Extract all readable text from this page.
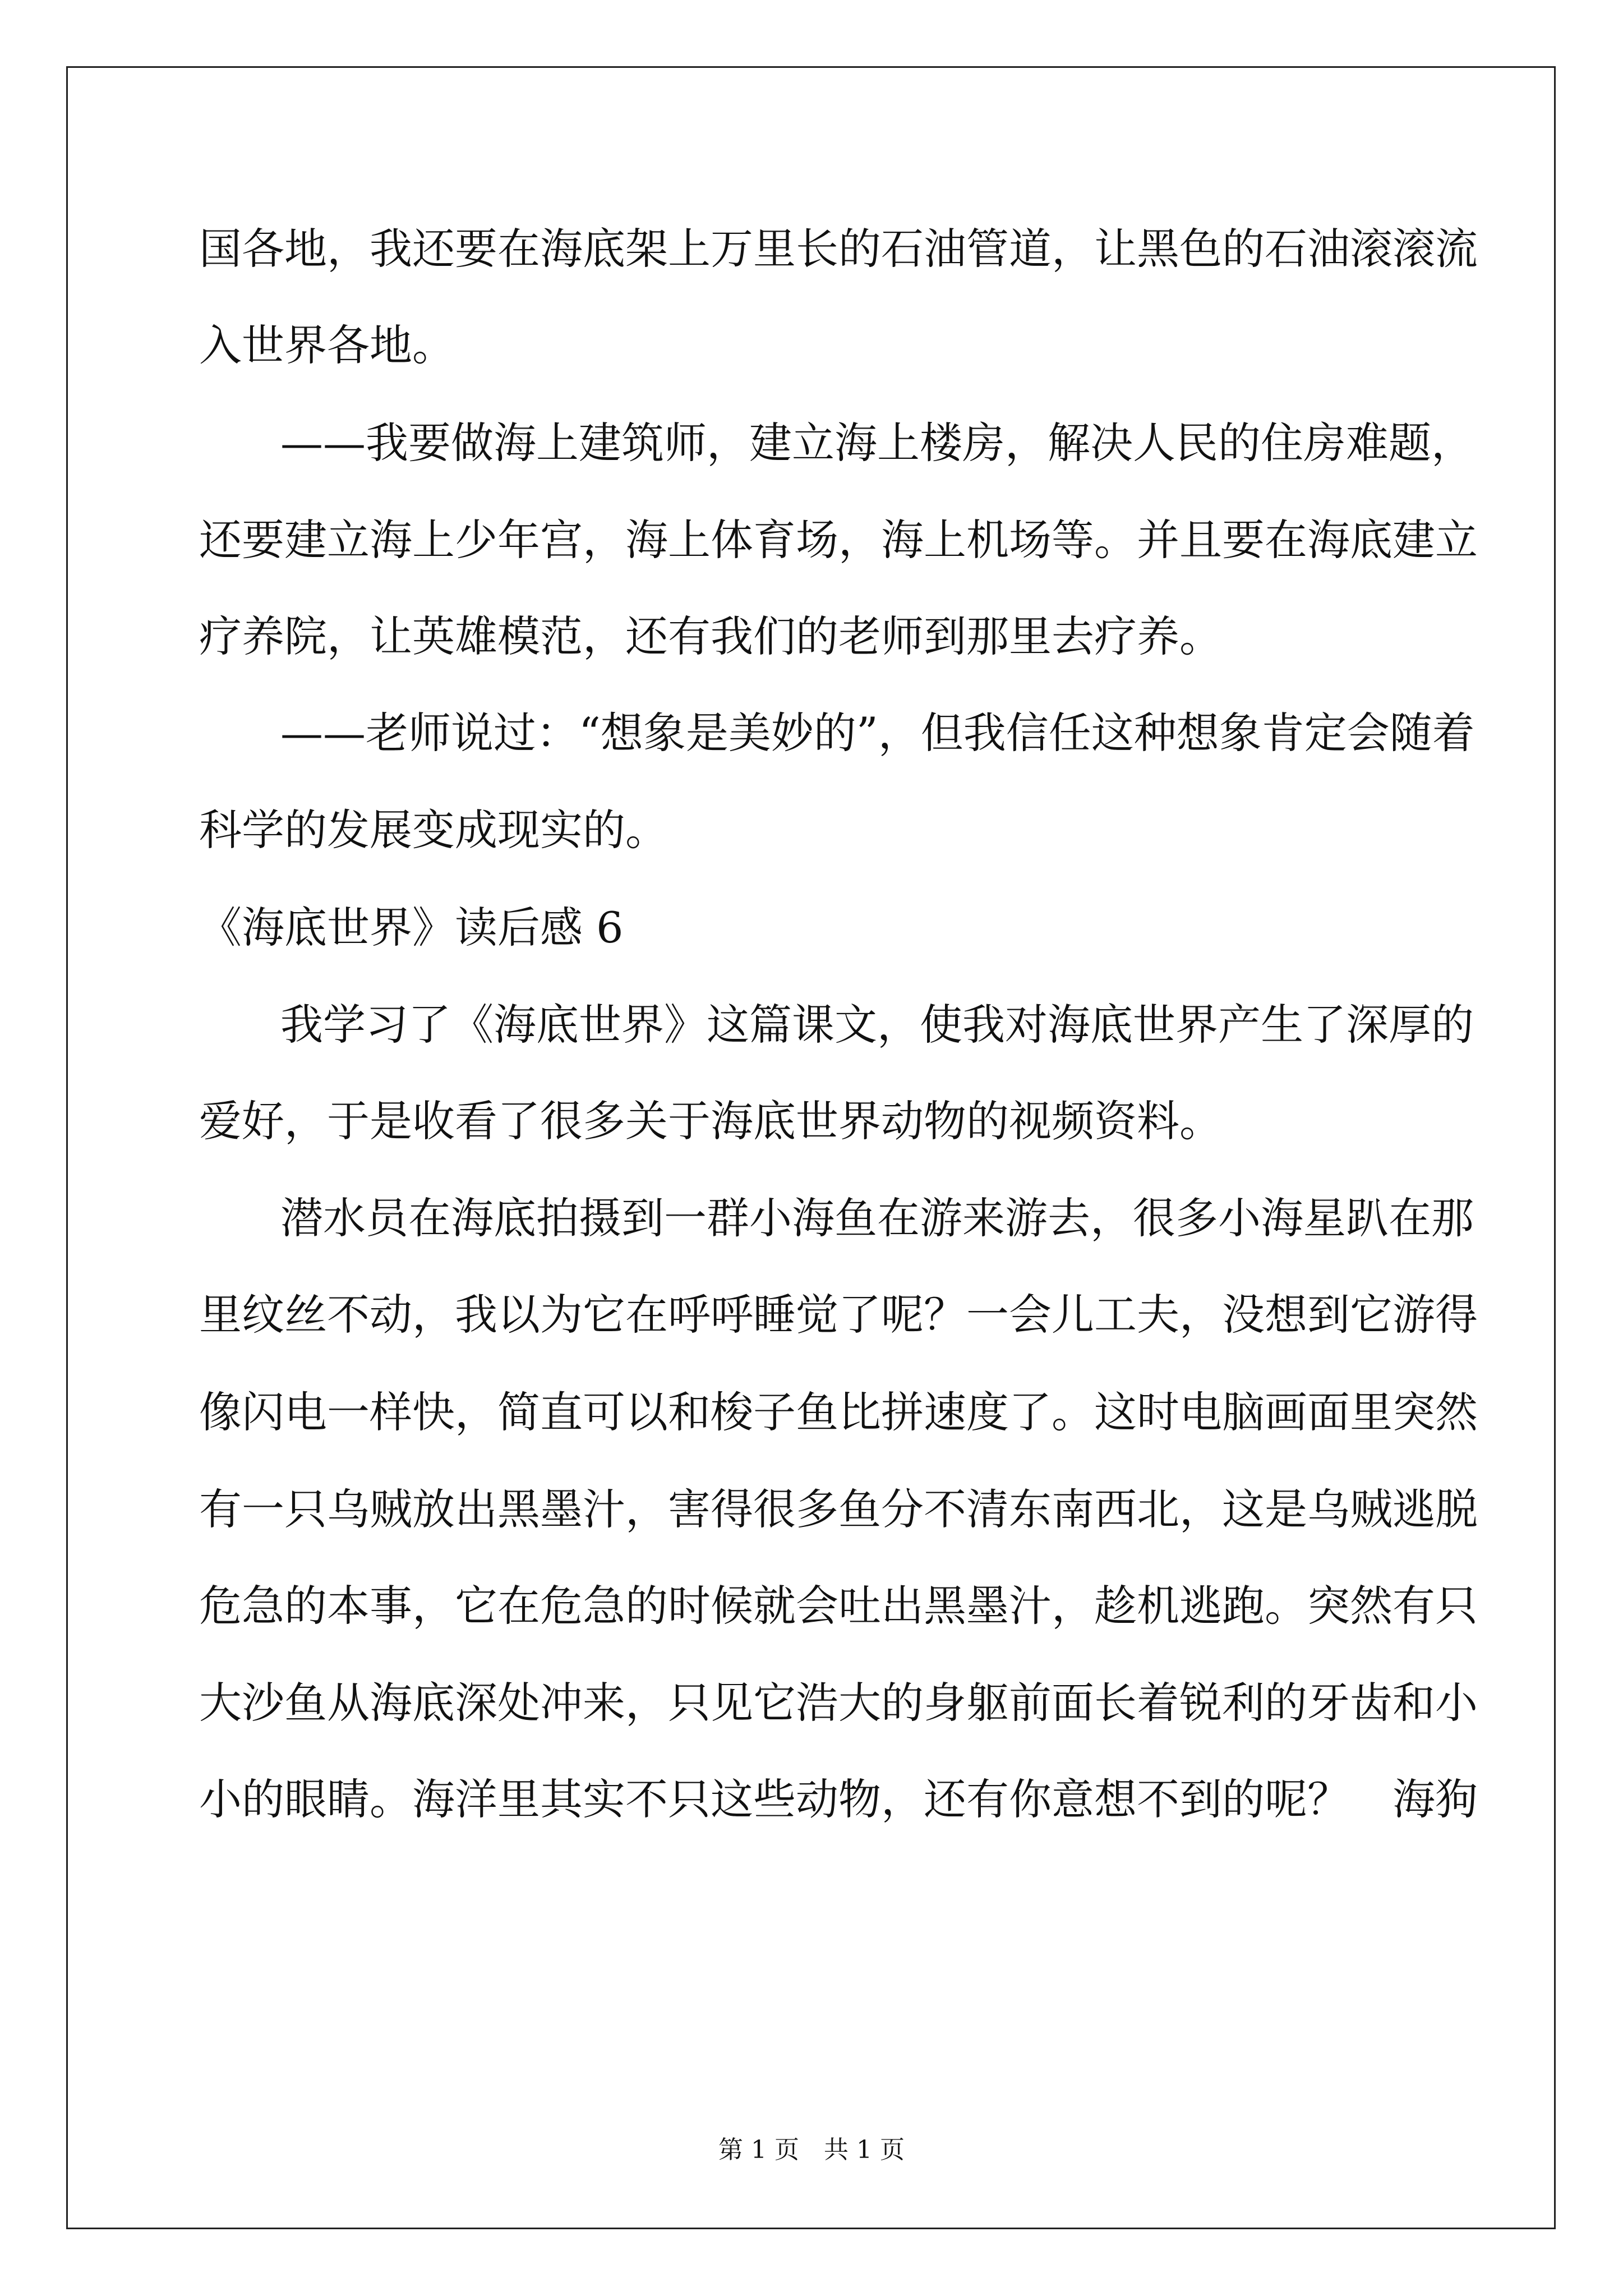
国各地，我还要在海底架上万里长的石油管道，让黑色的石油滚滚流
入世界各地。
——我要做海上建筑师，建立海上楼房，解决人民的住房难题，
还要建立海上少年宫，海上体育场，海上机场等。并且要在海底建立
疗养院，让英雄模范，还有我们的老师到那里去疗养。
——老师说过：“想象是美妙的”，但我信任这种想象肯定会随着
科学的发展变成现实的。
《海底世界》读后感 6
我学习了《海底世界》这篇课文，使我对海底世界产生了深厚的
爱好，于是收看了很多关于海底世界动物的视频资料。
潜水员在海底拍摄到一群小海鱼在游来游去，很多小海星趴在那
里纹丝不动，我以为它在呼呼睡觉了呢？一会儿工夫，没想到它游得
像闪电一样快，简直可以和梭子鱼比拼速度了。这时电脑画面里突然
有一只乌贼放出黑墨汁，害得很多鱼分不清东南西北，这是乌贼逃脱
危急的本事，它在危急的时候就会吐出黑墨汁，趁机逃跑。突然有只
大沙鱼从海底深处冲来，只见它浩大的身躯前面长着锐利的牙齿和小
小的眼睛。海洋里其实不只这些动物，还有你意想不到的呢？　海狗
第 1 页　共 1 页
